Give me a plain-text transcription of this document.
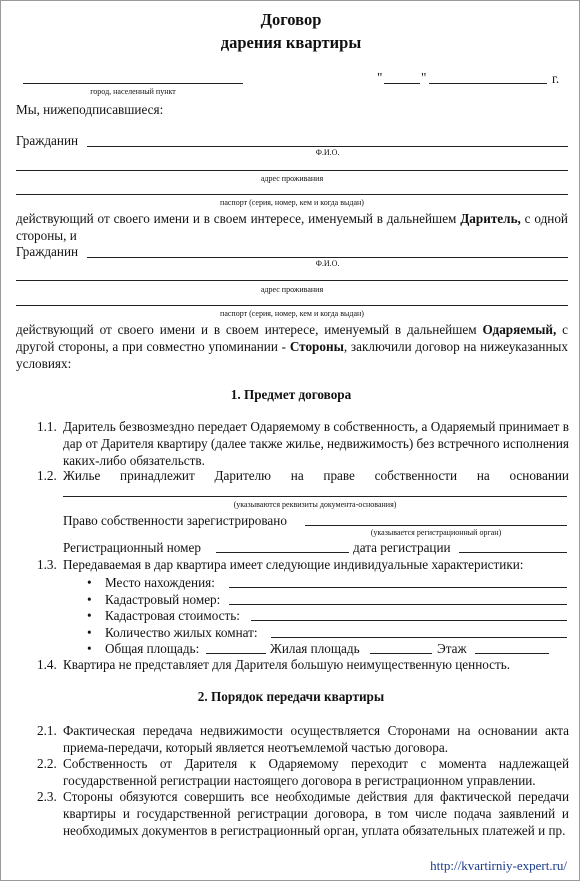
Договор
дарения квартиры
город, населенный пункт
"	"	г.
Мы, нижеподписавшиеся:
Гражданин
Ф.И.О.
адрес проживания
паспорт (серия, номер, кем и когда выдан)
действующий от своего имени и в своем интересе, именуемый в дальнейшем Даритель, с одной стороны, и
Гражданин
Ф.И.О.
адрес проживания
паспорт (серия, номер, кем и когда выдан)
действующий от своего имени и в своем интересе, именуемый в дальнейшем Одаряемый, с другой стороны, а при совместно упоминании - Стороны, заключили договор на нижеуказанных условиях:
1. Предмет договора
1.1. Даритель безвозмездно передает Одаряемому в собственность, а Одаряемый принимает в дар от Дарителя квартиру (далее также жилье, недвижимость) без встречного исполнения каких-либо обязательств.
1.2. Жилье принадлежит Дарителю на праве собственности на основании
(указываются реквизиты документа-основания)
Право собственности зарегистрировано
(указывается регистрационный орган)
Регистрационный номер	дата регистрации
1.3. Передаваемая в дар квартира имеет следующие индивидуальные характеристики:
• Место нахождения:
• Кадастровый номер:
• Кадастровая стоимость:
• Количество жилых комнат:
• Общая площадь:	Жилая площадь	Этаж
1.4. Квартира не представляет для Дарителя большую неимущественную ценность.
2. Порядок передачи квартиры
2.1. Фактическая передача недвижимости осуществляется Сторонами на основании акта приема-передачи, который является неотъемлемой частью договора.
2.2. Собственность от Дарителя к Одаряемому переходит с момента надлежащей государственной регистрации настоящего договора в регистрационном управлении.
2.3. Стороны обязуются совершить все необходимые действия для фактической передачи квартиры и государственной регистрации договора, в том числе подача заявлений и необходимых документов в регистрационный орган, уплата обязательных платежей и пр.
http://kvartirniy-expert.ru/
